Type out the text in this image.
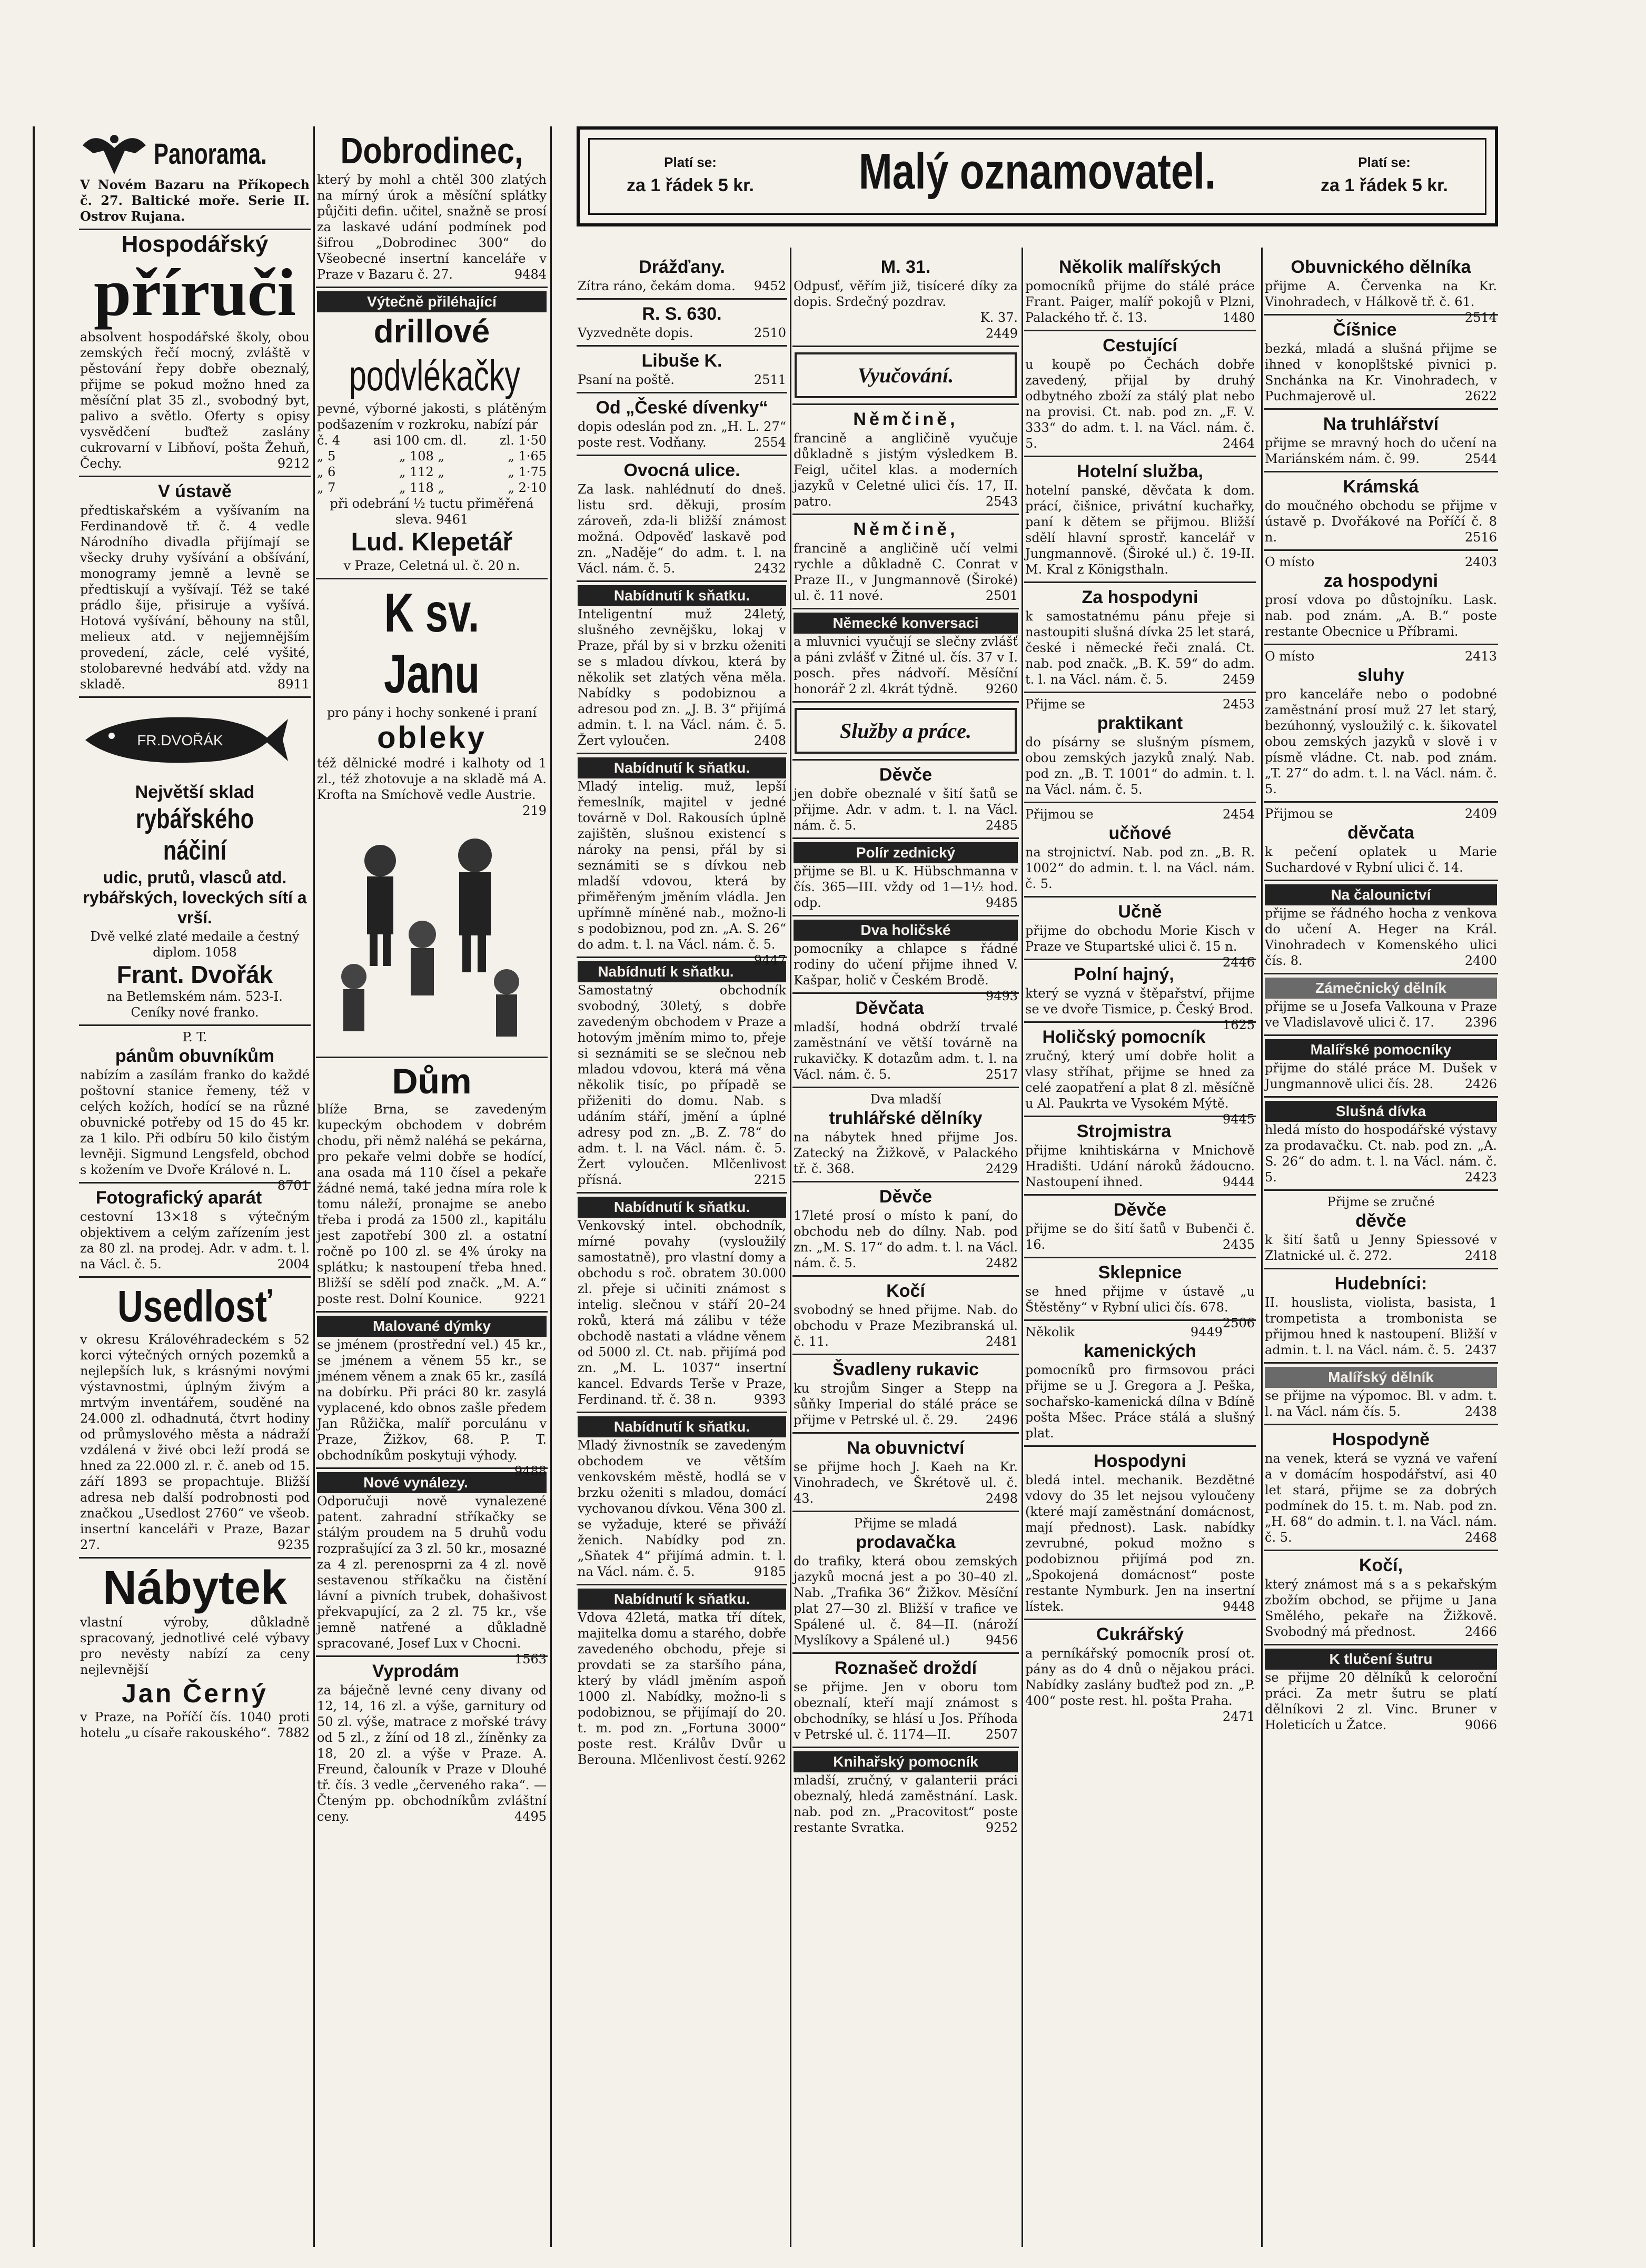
Panorama.
V Novém Bazaru na Příkopech č. 27. Baltické moře. Serie II. Ostrov Rujana.
Hospodářský
příruči
absolvent hospodářské školy, obou zemských řečí mocný, zvláště v pěstování řepy dobře obeznalý, přijme se pokud možno hned za měsíční plat 35 zl., svobodný byt, palivo a světlo. Oferty s opisy vysvědčení buďtež zaslány cukrovarní v Libňoví, pošta Žehuň, Čechy.	9212
V ústavě
předtiskařském a vyšívaním na Ferdinandově tř. č. 4 vedle Národního divadla přijímají se všecky druhy vyšívání a obšívání, monogramy jemně a levně se předtiskují a vyšívají. Též se také prádlo šije, přisiruje a vyšívá. Hotová vyšívání, běhouny na stůl, melieux atd. v nejjemnějším provedení, zácle, celé vyšité, stolobarevné hedvábí atd. vždy na skladě.	8911
FR.DVOŘÁK
Největší sklad
rybářského náčiní
udic, prutů, vlasců atd. rybářských, loveckých sítí a vrší.
Dvě velké zlaté medaile a čestný diplom. 1058
Frant. Dvořák
na Betlemském nám. 523-I.
Ceníky nové franko.
P. T.
pánům obuvníkům
nabízím a zasílám franko do každé poštovní stanice řemeny, též v celých kožích, hodící se na různé obuvnické potřeby od 15 do 45 kr. za 1 kilo. Při odbíru 50 kilo čistým levněji. Sigmund Lengsfeld, obchod s kožením ve Dvoře Králové n. L.
8701
Fotografický aparát
cestovní 13×18 s výtečným objektivem a celým zařízením jest za 80 zl. na prodej. Adr. v adm. t. l. na Václ. č. 5.	2004
Usedlosť
v okresu Královéhradeckém s 52 korci výtečných orných pozemků a nejlepších luk, s krásnými novými výstavnostmi, úplným živým a mrtvým inventářem, souděné na 24.000 zl. odhadnutá, čtvrt hodiny od průmyslového města a nádraží vzdálená v živé obci leží prodá se hned za 22.000 zl. r. č. aneb od 15. září 1893 se propachtuje. Bližší adresa neb další podrobnosti pod značkou „Usedlost 2760“ ve všeob. insertní kanceláři v Praze, Bazar 27.	9235
Nábytek
vlastní výroby, důkladně spracovaný, jednotlivé celé výbavy pro nevěsty nabízí za ceny nejlevnější
Jan Černý
v Praze, na Poříčí čís. 1040 proti hotelu „u císaře rakouského“. 7882
Dobrodinec,
který by mohl a chtěl 300 zlatých na mírný úrok a měsíční splátky půjčiti defin. učitel, snažně se prosí za laskavé udání podmínek pod šifrou „Dobrodinec 300“ do Všeobecné insertní kanceláře v Praze v Bazaru č. 27.	9484
Výtečně přiléhající
drillové
podvlékačky
pevné, výborné jakosti, s plátěným podšazením v rozkroku, nabízí pár
č. 4	asi 100 cm. dl.	zl. 1·50
„ 5	„ 108 „	„ 1·65
„ 6	„ 112 „	„ 1·75
„ 7	„ 118 „	„ 2·10
při odebrání ½ tuctu přiměřená sleva. 9461
Lud. Klepetář
v Praze, Celetná ul. č. 20 n.
K sv. Janu
pro pány i hochy sonkené i praní
obleky
též dělnické modré i kalhoty od 1 zl., též zhotovuje a na skladě má A. Krofta na Smíchově vedle Austrie.
219
Dům
blíže Brna, se zavedeným kupeckým obchodem v dobrém chodu, při němž naléhá se pekárna, pro pekaře velmi dobře se hodící, ana osada má 110 čísel a pekaře žádné nemá, také jedna míra role k tomu náleží, pronajme se anebo třeba i prodá za 1500 zl., kapitálu jest zapotřebí 300 zl. a ostatní ročně po 100 zl. se 4% úroky na splátku; k nastoupení třeba hned. Bližší se sdělí pod značk. „M. A.“ poste rest. Dolní Kounice.	9221
Malované dýmky
se jménem (prostřední vel.) 45 kr., se jménem a věnem 55 kr., se jménem věnem a znak 65 kr., zasílá na dobírku. Při práci 80 kr. zasylá vyplacené, kdo obnos zašle předem Jan Růžička, malíř porculánu v Praze, Žižkov, 68. P. T. obchodníkům poskytuji výhody.
9488
Nové vynálezy.
Odporučuji nově vynalezené patent. zahradní stříkačky se stálým proudem na 5 druhů vodu rozprašující za 3 zl. 50 kr., mosazné za 4 zl. perenosprni za 4 zl. nově sestavenou stříkačku na čistění lávní a pivních trubek, dohašivost překvapující, za 2 zl. 75 kr., vše jemně natřené a důkladně spracované, Josef Lux v Chocni.
1563
Vyprodám
za báječně levné ceny divany od 12, 14, 16 zl. a výše, garnitury od 50 zl. výše, matrace z mořské trávy od 5 zl., z žíní od 18 zl., žíněnky za 18, 20 zl. a výše v Praze. A. Freund, čalouník v Praze v Dlouhé tř. čís. 3 vedle „červeného raka“. — Čteným pp. obchodníkům zvláštní ceny.	4495
Platí se:
za 1 řádek 5 kr.	Malý oznamovatel.	Platí se:
za 1 řádek 5 kr.
Drážďany.
Zítra ráno, čekám doma. 9452
R. S. 630.
Vyzvedněte dopis.	2510
Libuše K.
Psaní na poště.	2511
Od „České dívenky“
dopis odeslán pod zn. „H. L. 27“ poste rest. Vodňany.	2554
Ovocná ulice.
Za lask. nahlédnutí do dneš. listu srd. děkuji, prosím zároveň, zda-li bližší známost možná. Odpověď laskavě pod zn. „Naděje“ do adm. t. l. na Václ. nám. č. 5.	2432
Nabídnutí k sňatku.
Inteligentní muž 24letý, slušného zevnějšku, lokaj v Praze, přál by si v brzku oženiti se s mladou dívkou, která by několik set zlatých věna měla. Nabídky s podobiznou a adresou pod zn. „J. B. 3“ přijímá admin. t. l. na Václ. nám. č. 5. Žert vyloučen.	2408
Nabídnutí k sňatku.
Mladý intelig. muž, lepší řemeslník, majitel v jedné továrně v Dol. Rakousích úplně zajištěn, slušnou existencí s nároky na pensi, přál by si seznámiti se s dívkou neb mladší vdovou, která by přiměřeným jměním vládla. Jen upřímně míněné nab., možno-li s podobiznou, pod zn. „A. S. 26“ do adm. t. l. na Václ. nám. č. 5.
9447
Nabídnutí k sňatku.
Samostatný obchodník svobodný, 30letý, s dobře zavedeným obchodem v Praze a hotovým jměním mimo to, přeje si seznámiti se se slečnou neb mladou vdovou, která má věna několik tisíc, po případě se přiženiti do domu. Nab. s udáním stáří, jmění a úplné adresy pod zn. „B. Z. 78“ do adm. t. l. na Václ. nám. č. 5. Žert vyloučen. Mlčenlivost přísná.	2215
Nabídnutí k sňatku.
Venkovský intel. obchodník, mírné povahy (vysloužilý samostatně), pro vlastní domy a obchodu s roč. obratem 30.000 zl. přeje si učiniti známost s intelig. slečnou v stáří 20–24 roků, která má zálibu v téže obchodě nastati a vládne věnem od 5000 zl. Ct. nab. přijímá pod zn. „M. L. 1037“ insertní kancel. Edvards Terše v Praze, Ferdinand. tř. č. 38 n.	9393
Nabídnutí k sňatku.
Mladý živnostník se zavedeným obchodem ve větším venkovském městě, hodlá se v brzku oženiti s mladou, domácí vychovanou dívkou. Věna 300 zl. se vyžaduje, které se přiváží ženich. Nabídky pod zn. „Sňatek 4“ přijímá admin. t. l. na Václ. nám. č. 5.	9185
Nabídnutí k sňatku.
Vdova 42letá, matka tří dítek, majitelka domu a starého, dobře zavedeného obchodu, přeje si provdati se za staršího pána, který by vládl jměním aspoň 1000 zl. Nabídky, možno-li s podobiznou, se přijímají do 20. t. m. pod zn. „Fortuna 3000“ poste rest. Králův Dvůr u Berouna. Mlčenlivost čestí. 9262
M. 31.
Odpusť, věřím již, tisíceré díky za dopis. Srdečný pozdrav.
K. 37.
2449
Vyučování.
Němčině,
francině a angličině vyučuje důkladně s jistým výsledkem B. Feigl, učitel klas. a moderních jazyků v Celetné ulici čís. 17, II. patro.	2543
Němčině,
francině a angličině učí velmi rychle a důkladně C. Conrat v Praze II., v Jungmannově (Široké) ul. č. 11 nové.	2501
Německé konversaci
a mluvnici vyučují se slečny zvlášť a páni zvlášť v Žitné ul. čís. 37 v I. posch. přes nádvoří. Měsíční honorář 2 zl. 4krát týdně. 9260
Služby a práce.
Děvče
jen dobře obeznalé v šití šatů se přijme. Adr. v adm. t. l. na Václ. nám. č. 5.	2485
Polír zednický
přijme se Bl. u K. Hübschmanna v čís. 365—III. vždy od 1—1½ hod. odp.	9485
Dva holičské
pomocníky a chlapce s řádné rodiny do učení přijme ihned V. Kašpar, holič v Českém Brodě.
9493
Děvčata
mladší, hodná obdrží trvalé zaměstnání ve větší továrně na rukavičky. K dotazům adm. t. l. na Václ. nám. č. 5.	2517
Dva mladší
truhlářské dělníky
na nábytek hned přijme Jos. Zatecký na Žižkově, v Palackého tř. č. 368.	2429
Děvče
17leté prosí o místo k paní, do obchodu neb do dílny. Nab. pod zn. „M. S. 17“ do adm. t. l. na Václ. nám. č. 5.	2482
Kočí
svobodný se hned přijme. Nab. do obchodu v Praze Mezibranská ul. č. 11.	2481
Švadleny rukavic
ku strojům Singer a Stepp na sůňky Imperial do stálé práce se přijme v Petrské ul. č. 29. 2496
Na obuvnictví
se přijme hoch J. Kaeh na Kr. Vinohradech, ve Škrétově ul. č. 43.	2498
Přijme se mladá
prodavačka
do trafiky, která obou zemských jazyků mocná jest a po 30–40 zl. Nab. „Trafika 36“ Žižkov. Měsíční plat 27—30 zl. Bližší v trafice ve Spálené ul. č. 84—II. (nároží Myslíkovy a Spálené ul.)	9456
Roznašeč droždí
se přijme. Jen v oboru tom obeznalí, kteří mají známost s obchodníky, se hlásí u Jos. Příhoda v Petrské ul. č. 1174—II.	2507
Knihařský pomocník
mladší, zručný, v galanterii práci obeznalý, hledá zaměstnání. Lask. nab. pod zn. „Pracovitost“ poste restante Svratka.	9252
Několik malířských
pomocníků přijme do stálé práce Frant. Paiger, malíř pokojů v Plzni, Palackého tř. č. 13.	1480
Cestující
u koupě po Čechách dobře zavedený, přijal by druhý odbytného zboží za stálý plat nebo na provisi. Ct. nab. pod zn. „F. V. 333“ do adm. t. l. na Václ. nám. č. 5.	2464
Hotelní služba,
hotelní panské, děvčata k dom. prácí, čišnice, privátní kuchařky, paní k dětem se přijmou. Bližší sdělí hlavní sprostř. kancelář v Jungmannově. (Široké ul.) č. 19-II. M. Kral z Königsthaln.
Za hospodyni
k samostatnému pánu přeje si nastoupiti slušná dívka 25 let stará, české i německé řeči znalá. Ct. nab. pod značk. „B. K. 59“ do adm. t. l. na Václ. nám. č. 5.	2459
Přijme se	2453
praktikant
do písárny se slušným písmem, obou zemských jazyků znalý. Nab. pod zn. „B. T. 1001“ do admin. t. l. na Václ. nám. č. 5.
Přijmou se	2454
učňové
na strojnictví. Nab. pod zn. „B. R. 1002“ do admin. t. l. na Václ. nám. č. 5.
Učně
přijme do obchodu Morie Kisch v Praze ve Stupartské ulici č. 15 n.
2446
Polní hajný,
který se vyzná v štěpařství, přijme se ve dvoře Tismice, p. Český Brod.
1625
Holičský pomocník
zručný, který umí dobře holit a vlasy stříhat, přijme se hned za celé zaopatření a plat 8 zl. měsíčně u Al. Paukrta ve Vysokém Mýtě.
9445
Strojmistra
přijme knihtiskárna v Mnichově Hradišti. Udání nároků žádoucno. Nastoupení ihned.	9444
Děvče
přijme se do šití šatů v Bubenči č. 16.	2435
Sklepnice
se hned přijme v ústavě „u Štěstěny“ v Rybní ulici čís. 678.
2506
Několik	9449
kamenických
pomocníků pro firmsovou práci přijme se u J. Gregora a J. Peška, sochařsko-kamenická dílna v Bdíně pošta Mšec. Práce stálá a slušný plat.
Hospodyni
bledá intel. mechanik. Bezdětné vdovy do 35 let nejsou vyloučeny (které mají zaměstnání domácnost, mají přednost). Lask. nabídky zevrubné, pokud možno s podobiznou přijímá pod zn. „Spokojená domácnost“ poste restante Nymburk. Jen na insertní lístek.	9448
Cukrářský
a perníkářský pomocník prosí ot. pány as do 4 dnů o nějakou práci. Nabídky zaslány buďtež pod zn. „P. 400“ poste rest. hl. pošta Praha.
2471
Obuvnického dělníka
přijme A. Červenka na Kr. Vinohradech, v Hálkově tř. č. 61.
2514
Číšnice
bezká, mladá a slušná přijme se ihned v konoplštské pivnici p. Snchánka na Kr. Vinohradech, v Puchmajerově ul.	2622
Na truhlářství
přijme se mravný hoch do učení na Mariánském nám. č. 99.	2544
Krámská
do moučného obchodu se přijme v ústavě p. Dvořákové na Poříčí č. 8 n.	2516
O místo	2403
za hospodyni
prosí vdova po důstojníku. Lask. nab. pod znám. „A. B.“ poste restante Obecnice u Příbrami.
O místo	2413
sluhy
pro kanceláře nebo o podobné zaměstnání prosí muž 27 let starý, bezúhonný, vysloužilý c. k. šikovatel obou zemských jazyků v slově i v písmě vládne. Ct. nab. pod znám. „T. 27“ do adm. t. l. na Václ. nám. č. 5.
Přijmou se	2409
děvčata
k pečení oplatek u Marie Suchardové v Rybní ulici č. 14.
Na čalounictví
přijme se řádného hocha z venkova do učení A. Heger na Král. Vinohradech v Komenského ulici čís. 8.	2400
Zámečnický dělník
přijme se u Josefa Valkouna v Praze ve Vladislavově ulici č. 17. 2396
Malířské pomocníky
přijme do stálé práce M. Dušek v Jungmannově ulici čís. 28. 2426
Slušná dívka
hledá místo do hospodářské výstavy za prodavačku. Ct. nab. pod zn. „A. S. 26“ do adm. t. l. na Václ. nám. č. 5.	2423
Přijme se zručné
děvče
k šití šatů u Jenny Spiessové v Zlatnické ul. č. 272.	2418
Hudebníci:
II. houslista, violista, basista, 1 trompetista a trombonista se přijmou hned k nastoupení. Bližší v admin. t. l. na Václ. nám. č. 5. 2437
Malířský dělník
se přijme na výpomoc. Bl. v adm. t. l. na Václ. nám čís. 5.	2438
Hospodyně
na venek, která se vyzná ve vaření a v domácím hospodářství, asi 40 let stará, přijme se za dobrých podmínek do 15. t. m. Nab. pod zn. „H. 68“ do admin. t. l. na Václ. nám. č. 5.	2468
Kočí,
který známost má s a s pekařským zbožím obchod, se přijme u Jana Smělého, pekaře na Žižkově. Svobodný má přednost.	2466
K tlučení šutru
se přijme 20 dělníků k celoroční práci. Za metr šutru se platí dělníkovi 2 zl. Vinc. Bruner v Holeticích u Žatce.	9066
